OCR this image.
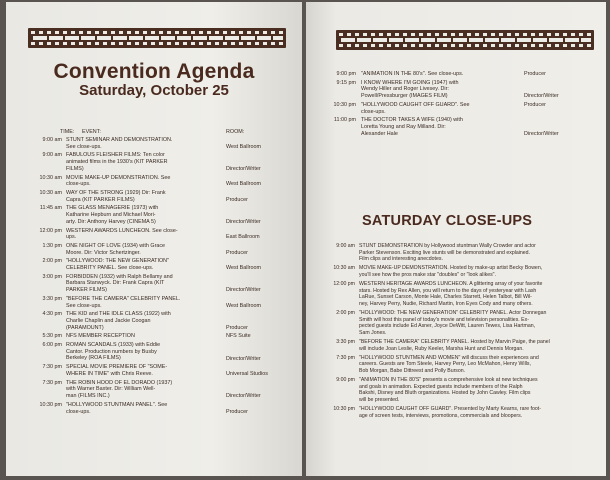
Convention Agenda
Saturday, October 25
TIME: EVENT:	ROOM:
9:00 am STUNT SEMINAR AND DEMONSTRATION.
See close-ups.	West Ballroom
9:00 am FABULOUS FLEISHER FILMS: Ten color
animated films in the 1930's (KIT PARKER
FILMS)	Director/Writer
10:30 am MOVIE MAKE-UP DEMONSTRATION. See
close-ups.	West Ballroom
10:30 am WAY OF THE STRONG (1929) Dir: Frank
Capra (KIT PARKER FILMS)	Producer
11:45 am THE GLASS MENAGERIE (1973) with
Katharine Hepburn and Michael Mori-
arty. Dir: Anthony Harvey (CINEMA 5)	Director/Writer
12:00 pm WESTERN AWARDS LUNCHEON. See close-
ups.	East Ballroom
1:30 pm ONE NIGHT OF LOVE (1934) with Grace
Moore. Dir: Victor Schertzinger.	Producer
2:00 pm "HOLLYWOOD: THE NEW GENERATION"
CELEBRITY PANEL. See close-ups.	West Ballroom
3:00 pm FORBIDDEN (1932) with Ralph Bellamy and
Barbara Stanwyck. Dir: Frank Capra (KIT
PARKER FILMS)	Director/Writer
3:30 pm "BEFORE THE CAMERA" CELEBRITY PANEL.
See close-ups.	West Ballroom
4:30 pm THE KID and THE IDLE CLASS (1922) with
Charlie Chaplin and Jackie Coogan
(PARAMOUNT)	Producer
5:30 pm NFS MEMBER RECEPTION	NFS Suite
6:00 pm ROMAN SCANDALS (1933) with Eddie
Cantor. Production numbers by Busby
Berkeley (ROA FILMS)	Director/Writer
7:30 pm SPECIAL MOVIE PREMIERE OF "SOME-
WHERE IN TIME" with Chris Reeve.	Universal Studios
7:30 pm THE ROBIN HOOD OF EL DORADO (1937)
with Warner Baxter. Dir: William Well-
man (FILMS INC.)	Director/Writer
10:30 pm "HOLLYWOOD STUNTMAN PANEL". See
close-ups.	Producer
9:00 pm "ANIMATION IN THE 80's". See close-ups.	Producer
9:15 pm I KNOW WHERE I'M GOING (1947) with
Wendy Hiller and Roger Livesey. Dir:
Powell/Pressburger (IMAGES FILM)	Director/Writer
10:30 pm "HOLLYWOOD CAUGHT OFF GUARD". See
close-ups.
Producer
11:00 pm THE DOCTOR TAKES A WIFE (1940) with
Loretta Young and Ray Milland. Dir:
Alexander Hale	Director/Writer
SATURDAY CLOSE-UPS
9:00 am STUNT DEMONSTRATION by Hollywood stuntman Wally Crowder and actor
Parker Stevenson. Exciting live stunts will be demonstrated and explained.
Film clips and interesting anecdotes.
10:30 am MOVIE MAKE-UP DEMONSTRATION. Hosted by make-up artist Becky Bowen,
you'll see how the pros make star "doubles" or "look alikes".
12:00 pm WESTERN HERITAGE AWARDS LUNCHEON. A glittering array of your favorite
stars. Hosted by Rex Allen, you will return to the days of yesteryear with Lash
LaRue, Sunset Carson, Monte Hale, Charles Starrett, Helen Talbot, Bill Wil-
ney, Harvey Perry, Nudie, Richard Martin, Iron Eyes Cody and many others.
2:00 pm "HOLLYWOOD: THE NEW GENERATION" CELEBRITY PANEL. Actor Donnegan
Smith will host this panel of today's movie and television personalities. Ex-
pected guests include Ed Asner, Joyce DeWitt, Lauren Tewes, Lisa Hartman,
Sam Jones.
3:30 pm "BEFORE THE CAMERA" CELEBRITY PANEL. Hosted by Marvin Paige, the panel
will include Joan Leslie, Ruby Keeler, Marsha Hunt and Dennis Morgan.
7:30 pm "HOLLYWOOD STUNTMEN AND WOMEN" will discuss their experiences and
careers. Guests are Tom Steele, Harvey Perry, Leo McMahon, Henry Wills,
Bob Morgan, Babe Dittreest and Polly Burson.
9:00 pm "ANIMATION IN THE 80'S" presents a comprehensive look at new techniques
and goals in animation. Expected guests include members of the Ralph
Bakshi, Disney and Bluth organizations. Hosted by John Cawley. Film clips
will be presented.
10:30 pm "HOLLYWOOD CAUGHT OFF GUARD". Presented by Marty Kearns, rare foot-
age of screen tests, interviews, promotions, commercials and bloopers.
